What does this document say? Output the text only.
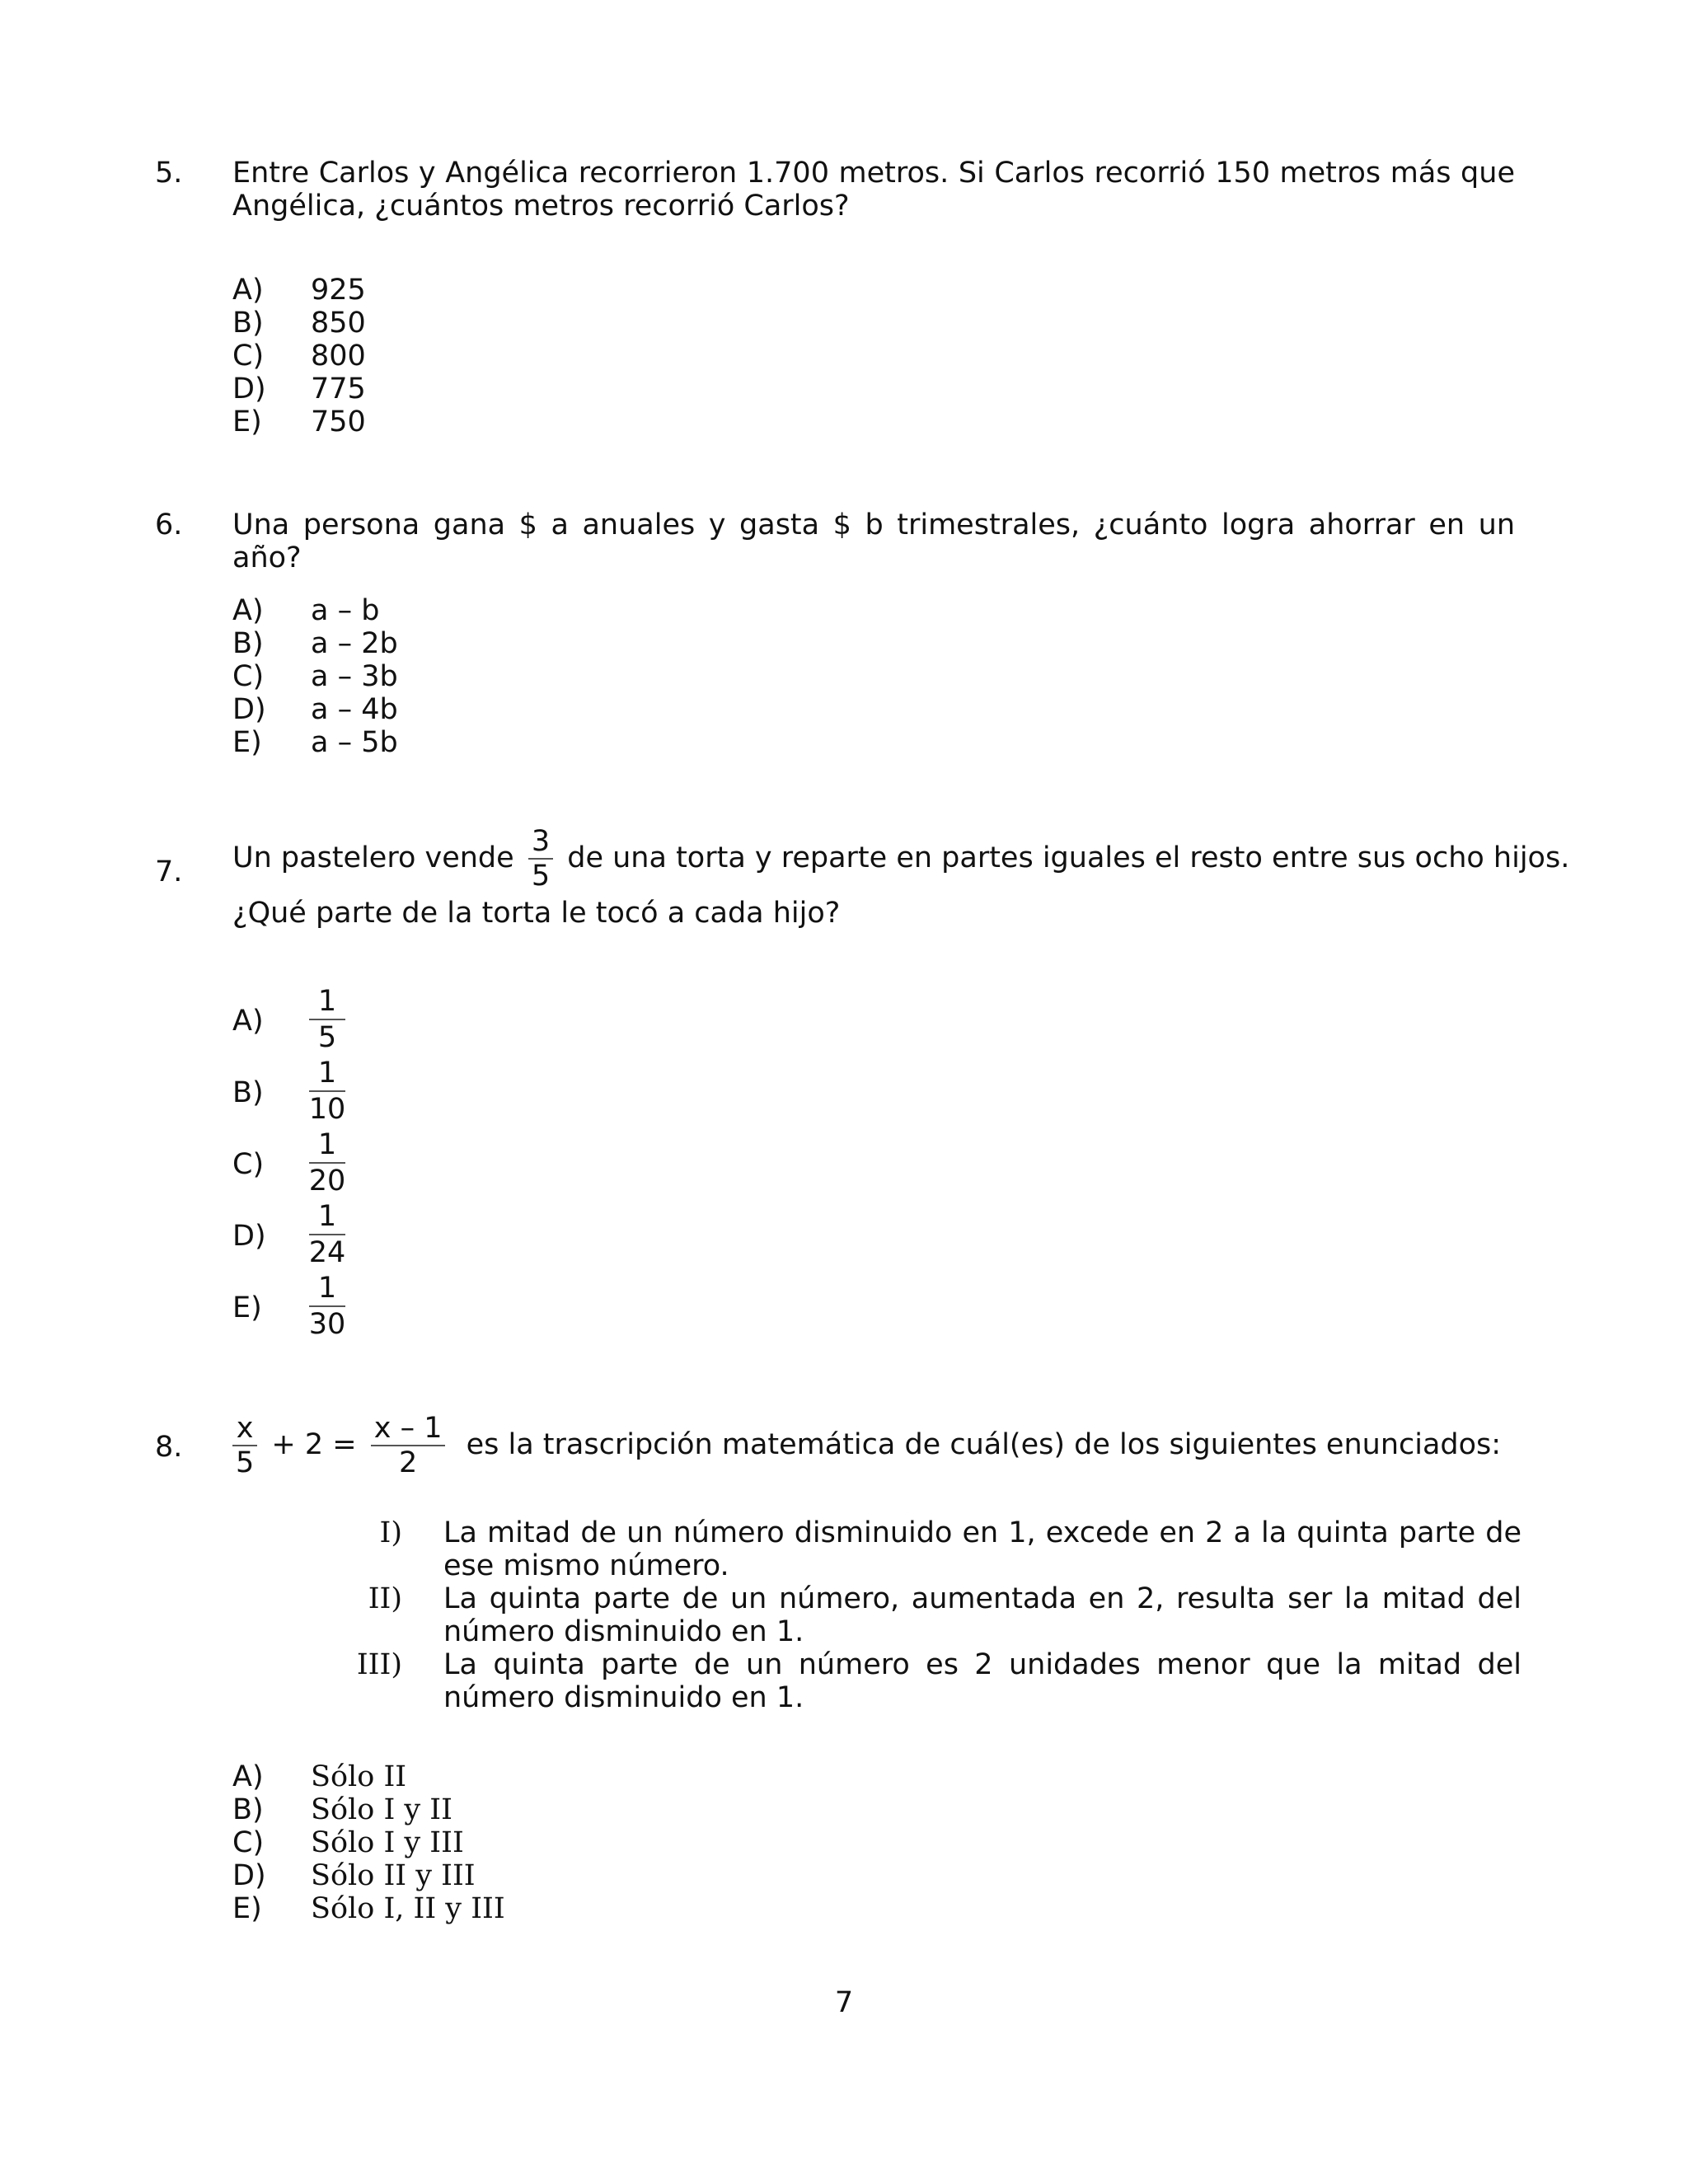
5. Entre Carlos y Angélica recorrieron 1.700 metros. Si Carlos recorrió 150 metros más que Angélica, ¿cuántos metros recorrió Carlos?
A) 925
B) 850
C) 800
D) 775
E) 750
6. Una persona gana $ a anuales y gasta $ b trimestrales, ¿cuánto logra ahorrar en un año?
A) a – b
B) a – 2b
C) a – 3b
D) a – 4b
E) a – 5b
7. Un pastelero vende $\frac{3}{5}$ de una torta y reparte en partes iguales el resto entre sus ocho hijos.
¿Qué parte de la torta le tocó a cada hijo?
A)
1
5
B)
1
10
C)
1
20
D)
1
24
E)
1
30
8. $\frac{x}{5} + 2 = \frac{x - 1}{2}$ es la trascripción matemática de cuál(es) de los siguientes enunciados:
I) La mitad de un número disminuido en 1, excede en 2 a la quinta parte de ese mismo número.
II) La quinta parte de un número, aumentada en 2, resulta ser la mitad del número disminuido en 1.
III) La quinta parte de un número es 2 unidades menor que la mitad del número disminuido en 1.
A) Sólo II
B) Sólo I y II
C) Sólo I y III
D) Sólo II y III
E) Sólo I, II y III
7
